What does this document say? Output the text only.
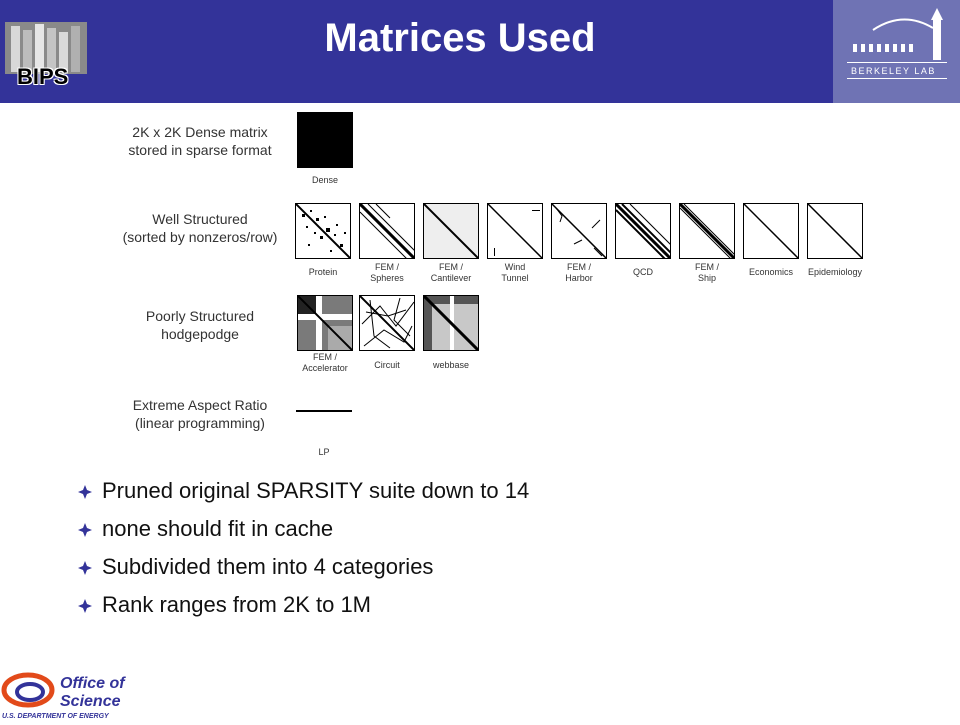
BIPS
Matrices Used
BERKELEY LAB
2K x 2K Dense matrix
stored in sparse format
Well Structured
(sorted by nonzeros/row)
Poorly Structured
hodgepodge
Extreme Aspect Ratio
(linear programming)
Dense
Protein	FEM /
Spheres
FEM /
Cantilever
Wind
Tunnel
FEM /
Harbor
QCD	FEM /
Ship
Economics	Epidemiology
FEM /
Accelerator	Circuit	webbase
LP
Pruned original SPARSITY suite down to 14
none should fit in cache
Subdivided them into 4 categories
Rank ranges from 2K to 1M
Office of
Science
U.S. DEPARTMENT OF ENERGY
